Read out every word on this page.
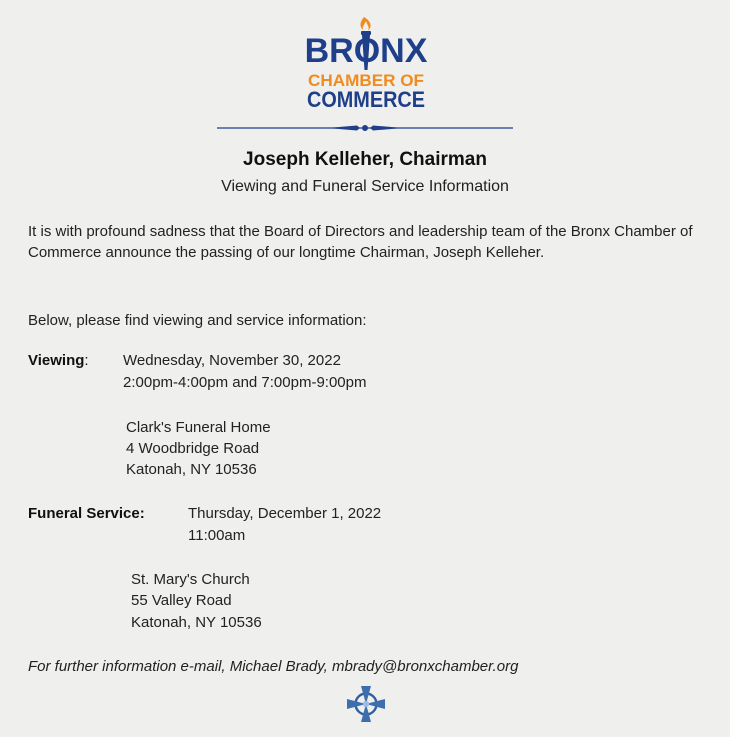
BRONX
CHAMBER OF
COMMERCE
Joseph Kelleher, Chairman
Viewing and Funeral Service Information
It is with profound sadness that the Board of Directors and leadership team of the Bronx Chamber of Commerce announce the passing of our longtime Chairman, Joseph Kelleher.
Below, please find viewing and service information:
Viewing: Wednesday, November 30, 2022
2:00pm-4:00pm and 7:00pm-9:00pm
Clark's Funeral Home
4 Woodbridge Road
Katonah, NY 10536
Funeral Service:	Thursday, December 1, 2022
11:00am
St. Mary's Church
55 Valley Road
Katonah, NY 10536
For further information e-mail, Michael Brady, mbrady@bronxchamber.org
